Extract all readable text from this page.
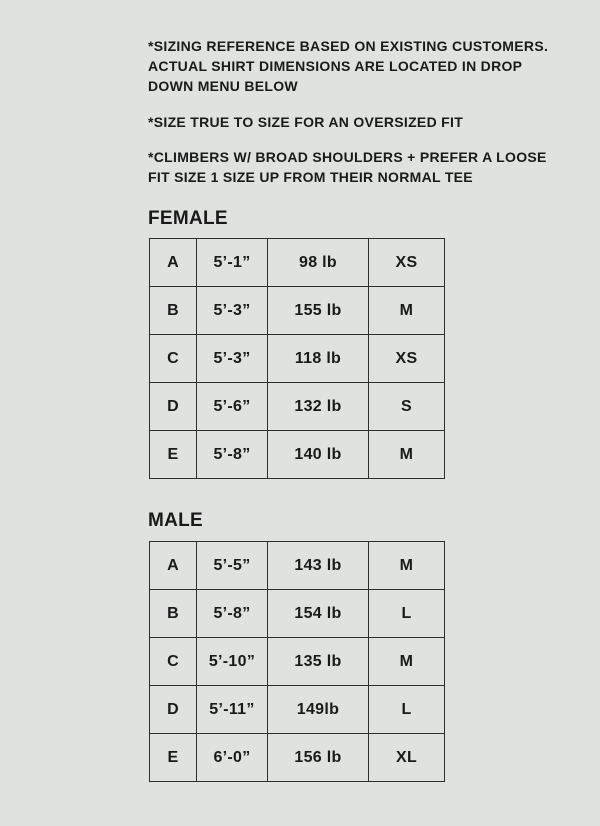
*SIZING REFERENCE BASED ON EXISTING CUSTOMERS.
ACTUAL SHIRT DIMENSIONS ARE LOCATED IN DROP
DOWN MENU BELOW
*SIZE TRUE TO SIZE FOR AN OVERSIZED FIT
*CLIMBERS W/ BROAD SHOULDERS + PREFER A LOOSE
FIT SIZE 1 SIZE UP FROM THEIR NORMAL TEE
FEMALE
A	5’-1”	98 lb	XS
B	5’-3”	155 lb	M
C	5’-3”	118 lb	XS
D	5’-6”	132 lb	S
E	5’-8”	140 lb	M
MALE
A	5’-5”	143 lb	M
B	5’-8”	154 lb	L
C	5’-10”	135 lb	M
D	5’-11”	149lb	L
E	6’-0”	156 lb	XL
